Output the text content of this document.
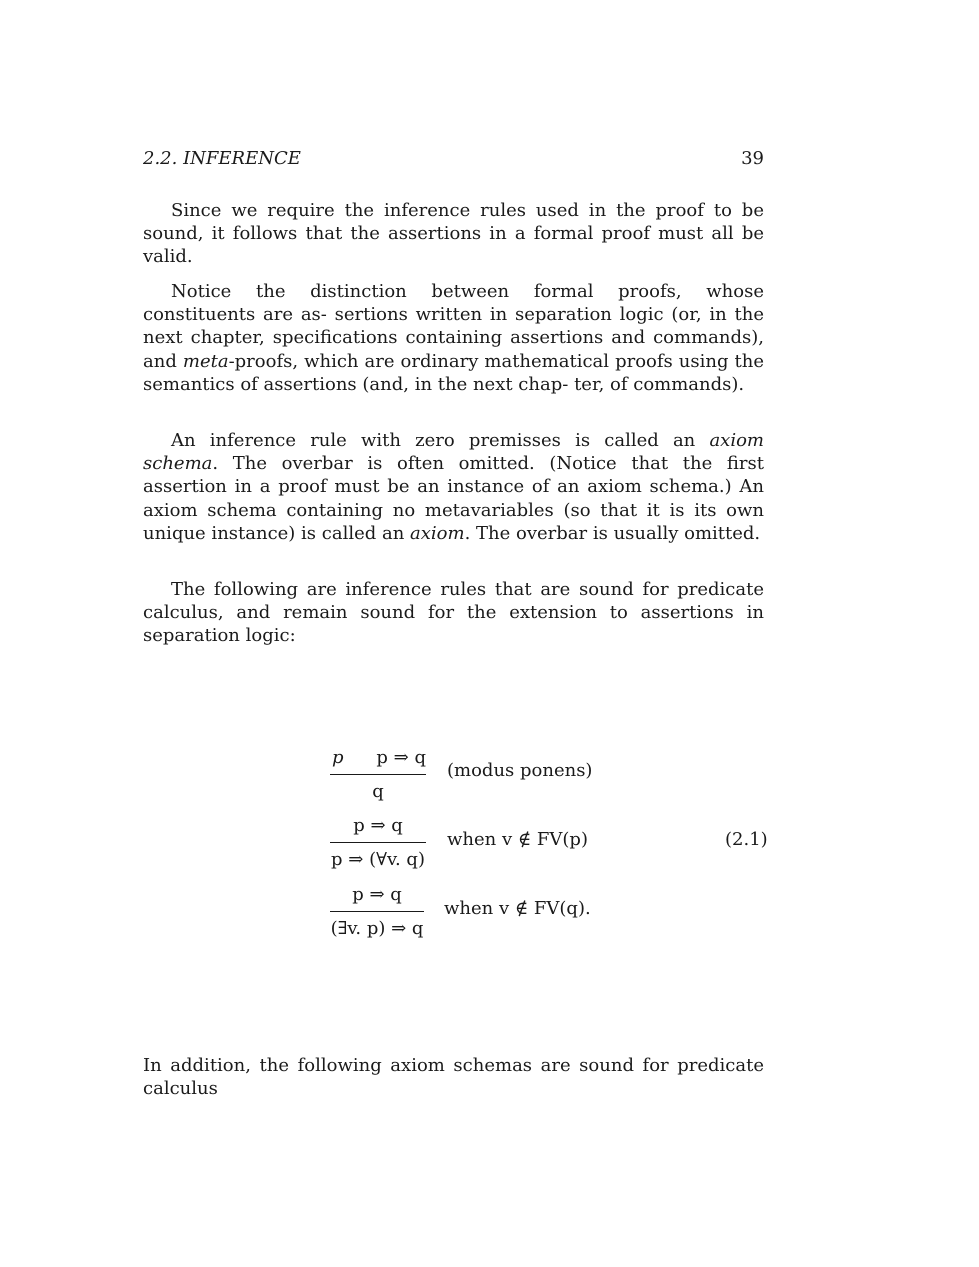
2.2. INFERENCE	39
Since we require the inference rules used in the proof to be sound, it follows that the assertions in a formal proof must all be valid.
Notice the distinction between formal proofs, whose constituents are as- sertions written in separation logic (or, in the next chapter, specifications containing assertions and commands), and meta-proofs, which are ordinary mathematical proofs using the semantics of assertions (and, in the next chap- ter, of commands).
An inference rule with zero premisses is called an axiom schema. The overbar is often omitted. (Notice that the first assertion in a proof must be an instance of an axiom schema.) An axiom schema containing no metavariables (so that it is its own unique instance) is called an axiom. The overbar is usually omitted.
The following are inference rules that are sound for predicate calculus, and remain sound for the extension to assertions in separation logic:
p p ⇒ q
q
(modus ponens)
p ⇒ q
p ⇒ (∀v. q)
when v ∉ FV(p)	(2.1)
p ⇒ q
(∃v. p) ⇒ q
when v ∉ FV(q).
In addition, the following axiom schemas are sound for predicate calculus
